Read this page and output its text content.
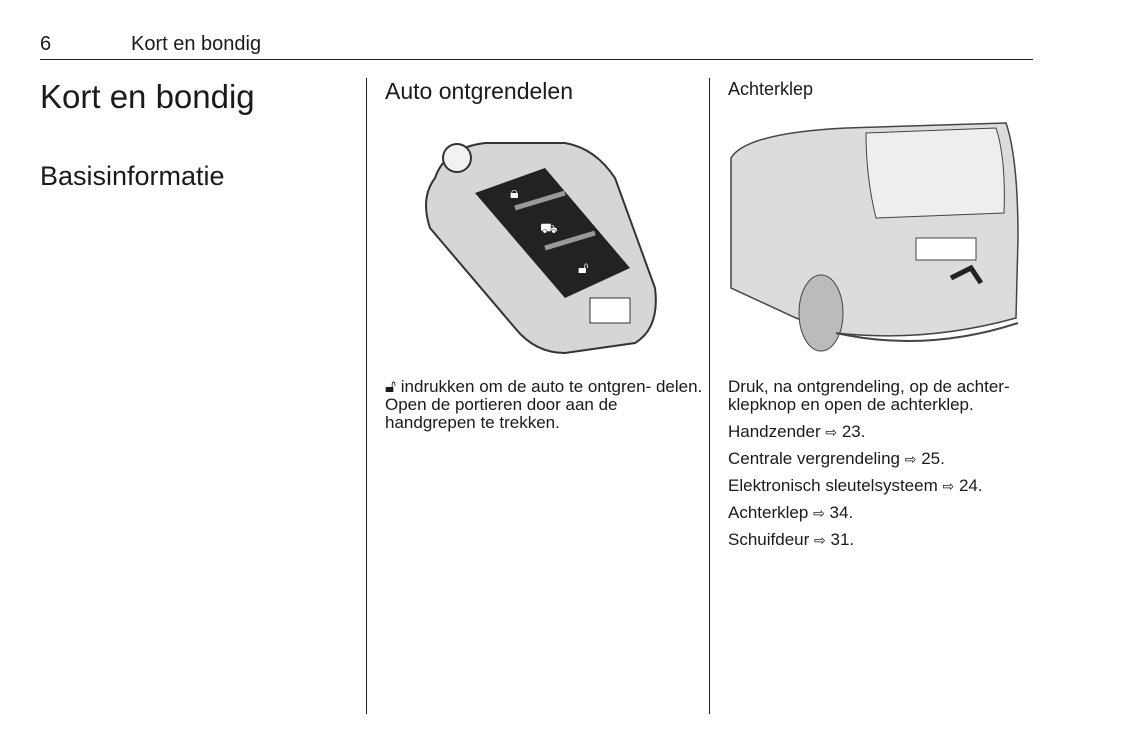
6	Kort en bondig
Kort en bondig
Basisinformatie
Auto ontgrendelen
🔒︎
⛟
🔓︎
🔓︎ indrukken om de auto te ontgren- delen. Open de portieren door aan de handgrepen te trekken.
Achterklep
Druk, na ontgrendeling, op de achter-klepknop en open de achterklep.
Handzender ⇨ 23.
Centrale vergrendeling ⇨ 25.
Elektronisch sleutelsysteem ⇨ 24.
Achterklep ⇨ 34.
Schuifdeur ⇨ 31.
